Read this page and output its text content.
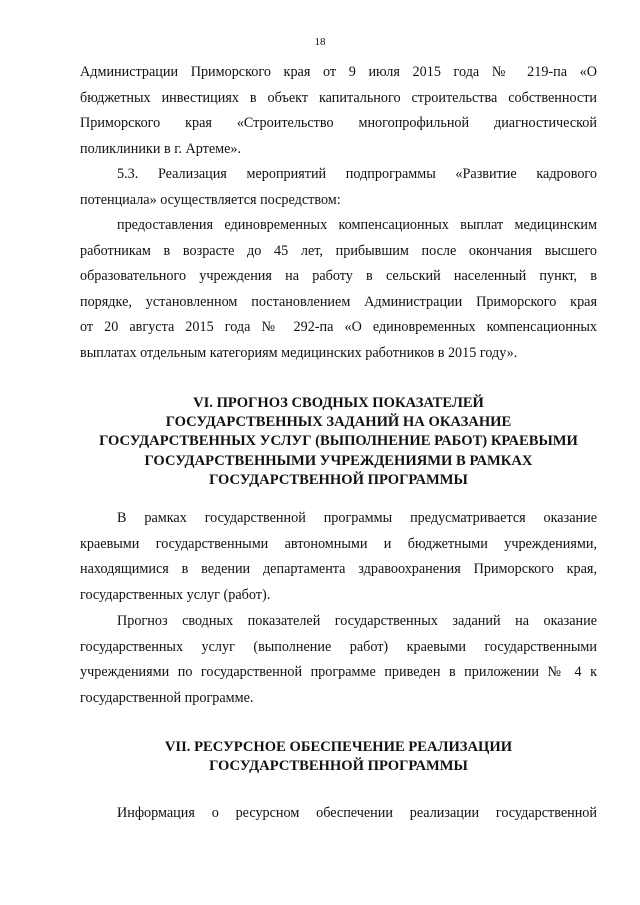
18
Администрации Приморского края от 9 июля 2015 года № 219-па «О
бюджетных инвестициях в объект капитального строительства собственности
Приморского края «Строительство многопрофильной диагностической
поликлиники в г. Артеме».
5.3. Реализация мероприятий подпрограммы «Развитие кадрового
потенциала» осуществляется посредством:
предоставления единовременных компенсационных выплат медицинским
работникам в возрасте до 45 лет, прибывшим после окончания высшего
образовательного учреждения на работу в сельский населенный пункт, в
порядке, установленном постановлением Администрации Приморского края
от 20 августа 2015 года № 292-па «О единовременных компенсационных
выплатах отдельным категориям медицинских работников в 2015 году».
VI. ПРОГНОЗ СВОДНЫХ ПОКАЗАТЕЛЕЙ
ГОСУДАРСТВЕННЫХ ЗАДАНИЙ НА ОКАЗАНИЕ
ГОСУДАРСТВЕННЫХ УСЛУГ (ВЫПОЛНЕНИЕ РАБОТ) КРАЕВЫМИ
ГОСУДАРСТВЕННЫМИ УЧРЕЖДЕНИЯМИ В РАМКАХ
ГОСУДАРСТВЕННОЙ ПРОГРАММЫ
В рамках государственной программы предусматривается оказание
краевыми государственными автономными и бюджетными учреждениями,
находящимися в ведении департамента здравоохранения Приморского края,
государственных услуг (работ).
Прогноз сводных показателей государственных заданий на оказание
государственных услуг (выполнение работ) краевыми государственными
учреждениями по государственной программе приведен в приложении № 4 к
государственной программе.
VII. РЕСУРСНОЕ ОБЕСПЕЧЕНИЕ РЕАЛИЗАЦИИ
ГОСУДАРСТВЕННОЙ ПРОГРАММЫ
Информация о ресурсном обеспечении реализации государственной
